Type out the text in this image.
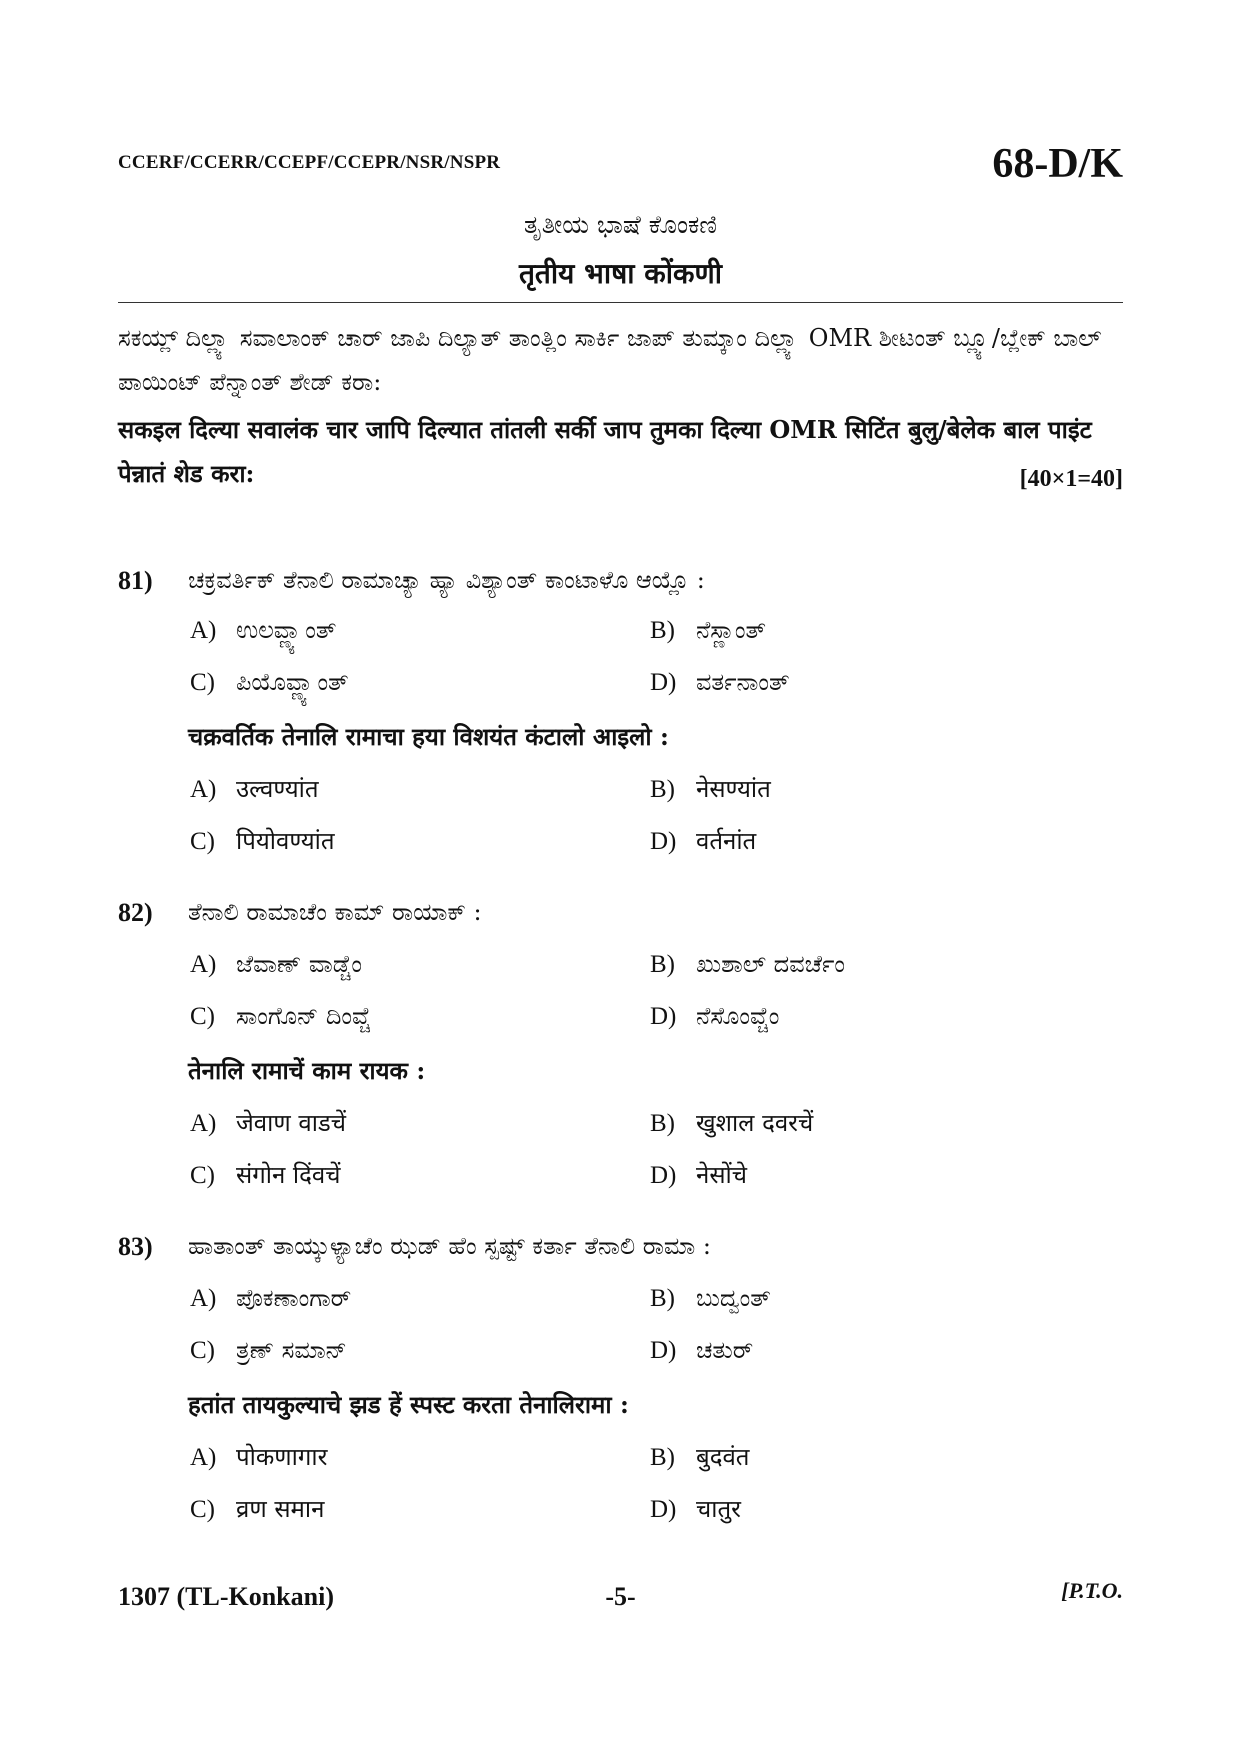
CCERF/CCERR/CCEPF/CCEPR/NSR/NSPR	68-D/K
ತೃತೀಯ ಭಾಷೆ ಕೊಂಕಣಿ
तृतीय भाषा कोंकणी
ಸಕಯ್ಲ್ ದಿಲ್ಲ್ಯಾ ಸವಾಲಾಂಕ್ ಚಾರ್ ಜಾಪಿ ದಿಲ್ಯಾತ್ ತಾಂತ್ಲಿಂ ಸಾರ್ಕಿ ಜಾಪ್ ತುಮ್ಕಾಂ ದಿಲ್ಲ್ಯಾ OMR ಶೀಟಂತ್ ಬ್ಲ್ಯೂ/ಬ್ಲೇಕ್ ಬಾಲ್ ಪಾಯಿಂಟ್ ಪೆನ್ನಾಂತ್ ಶೇಡ್ ಕರಾ:
सकइल दिल्या सवालंक चार जापि दिल्यात तांतली सर्की जाप तुमका दिल्या OMR सिटिंत बुलु/बेलेक बाल पाइंट पेन्नातं शेड करा:	[40×1=40]
81) ಚಕ್ರವರ್ತಿಕ್ ತೆನಾಲಿ ರಾಮಾಚ್ಯಾ ಹ್ಯಾ ವಿಶ್ಯಾಂತ್ ಕಾಂಟಾಳೊ ಆಯ್ಲೊ :
A) ಉಲವ್ಣ್ಯಾಂತ್	B) ನೆಸ್ಣಾಂತ್
C) ಪಿಯೊವ್ಣ್ಯಾಂತ್	D) ವರ್ತನಾಂತ್
चक्रवर्तिक तेनालि रामाचा हया विशयंत कंटालो आइलो :
A) उल्वण्यांत	B) नेसण्यांत
C) पियोवण्यांत	D) वर्तनांत
82) ತೆನಾಲಿ ರಾಮಾಚೆಂ ಕಾಮ್ ರಾಯಾಕ್ :
A) ಜೆವಾಣ್ ವಾಡ್ಚೆಂ	B) ಖುಶಾಲ್ ದವರ್ಚೆಂ
C) ಸಾಂಗೊನ್ ದಿಂವ್ಚೆ	D) ನೆಸೊಂವ್ಚೆಂ
तेनालि रामाचें काम रायक :
A) जेवाण वाडचें	B) खुशाल दवरचें
C) संगोन दिंवचें	D) नेसोंचे
83) ಹಾತಾಂತ್ ತಾಯ್ಕುಳ್ಯಾಚೆಂ ಝಡ್ ಹೆಂ ಸ್ಪಷ್ಟ್ ಕರ್ತಾ ತೆನಾಲಿ ರಾಮಾ :
A) ಪೊಕಣಾಂಗಾರ್	B) ಬುದ್ವಂತ್
C) ತ್ರಣ್ ಸಮಾನ್	D) ಚತುರ್
हतांत तायकुल्याचे झड हें स्पस्ट करता तेनालिरामा :
A) पोकणागार	B) बुदवंत
C) व्रण समान	D) चातुर
1307 (TL-Konkani)	-5-	[P.T.O.
